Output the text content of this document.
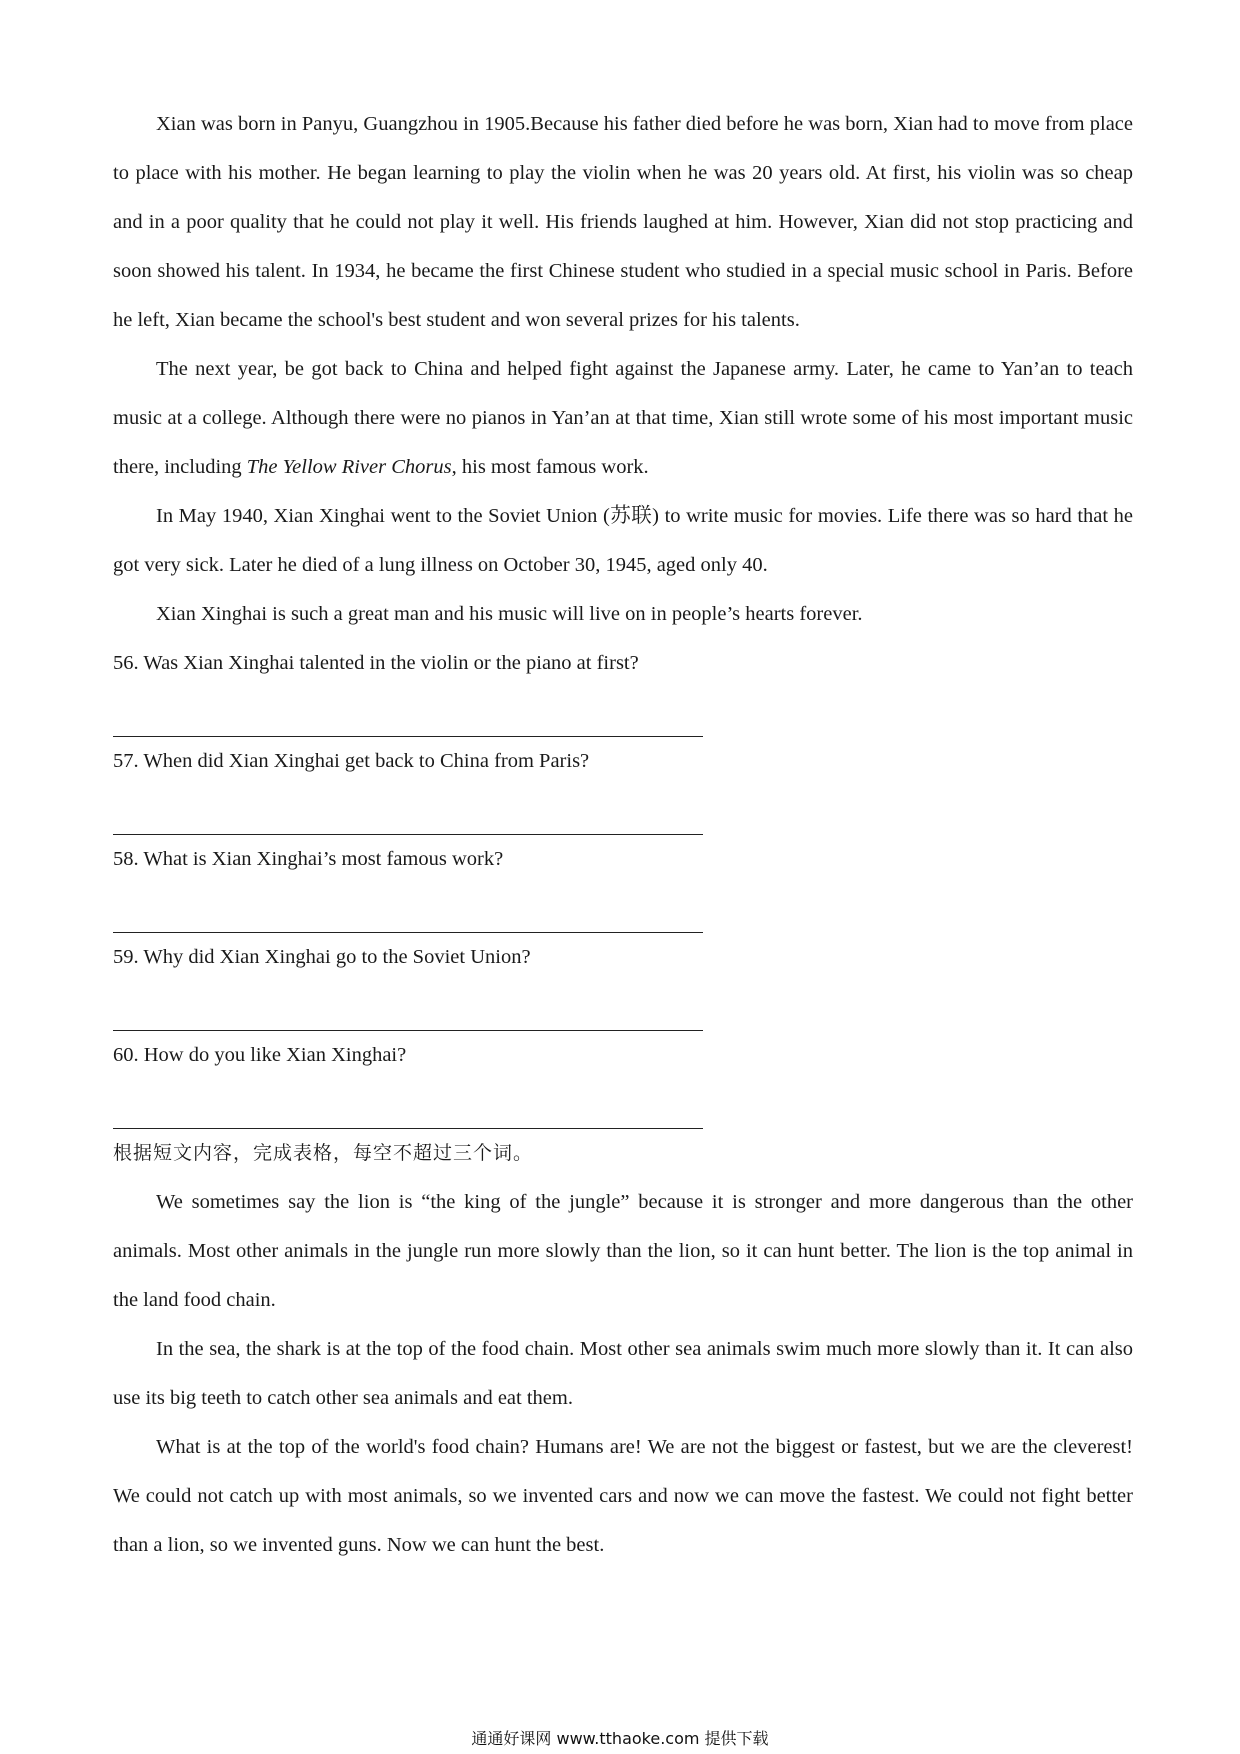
Xian was born in Panyu, Guangzhou in 1905.Because his father died before he was born, Xian had to move from place to place with his mother. He began learning to play the violin when he was 20 years old. At first, his violin was so cheap and in a poor quality that he could not play it well. His friends laughed at him. However, Xian did not stop practicing and soon showed his talent. In 1934, he became the first Chinese student who studied in a special music school in Paris. Before he left, Xian became the school's best student and won several prizes for his talents.

The next year, be got back to China and helped fight against the Japanese army. Later, he came to Yan’an to teach music at a college. Although there were no pianos in Yan’an at that time, Xian still wrote some of his most important music there, including The Yellow River Chorus, his most famous work.

In May 1940, Xian Xinghai went to the Soviet Union (苏联) to write music for movies. Life there was so hard that he got very sick. Later he died of a lung illness on October 30, 1945, aged only 40.

Xian Xinghai is such a great man and his music will live on in people’s hearts forever.

56. Was Xian Xinghai talented in the violin or the piano at first?

57. When did Xian Xinghai get back to China from Paris?

58. What is Xian Xinghai’s most famous work?

59. Why did Xian Xinghai go to the Soviet Union?

60. How do you like Xian Xinghai?

根据短文内容，完成表格，每空不超过三个词。

We sometimes say the lion is “the king of the jungle” because it is stronger and more dangerous than the other animals. Most other animals in the jungle run more slowly than the lion, so it can hunt better. The lion is the top animal in the land food chain.

In the sea, the shark is at the top of the food chain. Most other sea animals swim much more slowly than it. It can also use its big teeth to catch other sea animals and eat them.

What is at the top of the world's food chain? Humans are! We are not the biggest or fastest, but we are the cleverest! We could not catch up with most animals, so we invented cars and now we can move the fastest. We could not fight better than a lion, so we invented guns. Now we can hunt the best.

通通好课网 www.tthaoke.com 提供下载
